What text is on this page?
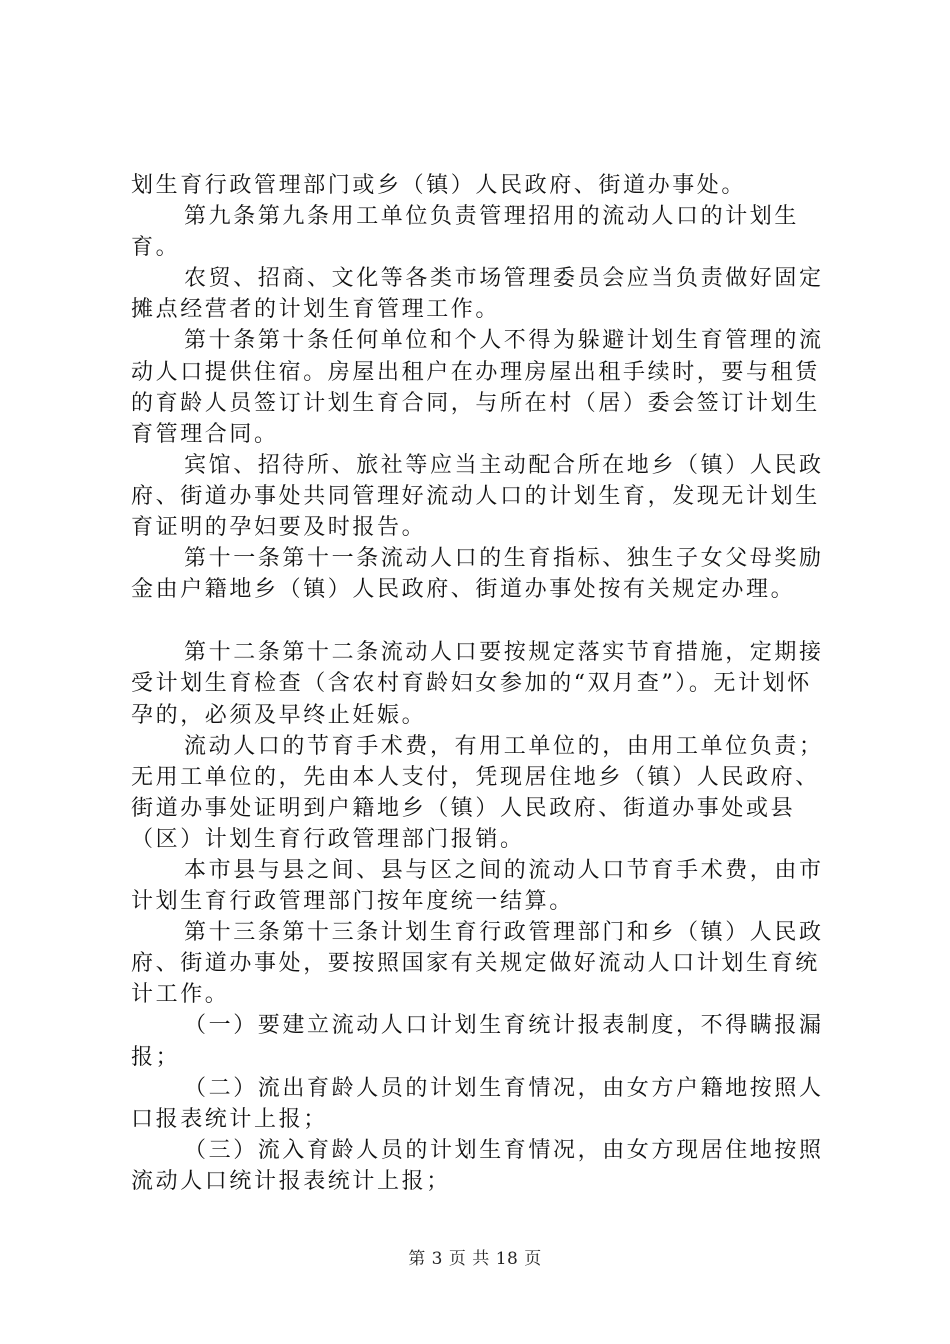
划生育行政管理部门或乡（镇）人民政府、街道办事处。

第九条第九条用工单位负责管理招用的流动人口的计划生育。

农贸、招商、文化等各类市场管理委员会应当负责做好固定摊点经营者的计划生育管理工作。

第十条第十条任何单位和个人不得为躲避计划生育管理的流动人口提供住宿。房屋出租户在办理房屋出租手续时，要与租赁的育龄人员签订计划生育合同，与所在村（居）委会签订计划生育管理合同。

宾馆、招待所、旅社等应当主动配合所在地乡（镇）人民政府、街道办事处共同管理好流动人口的计划生育，发现无计划生育证明的孕妇要及时报告。

第十一条第十一条流动人口的生育指标、独生子女父母奖励金由户籍地乡（镇）人民政府、街道办事处按有关规定办理。

第十二条第十二条流动人口要按规定落实节育措施，定期接受计划生育检查（含农村育龄妇女参加的“双月查”）。无计划怀孕的，必须及早终止妊娠。

流动人口的节育手术费，有用工单位的，由用工单位负责；无用工单位的，先由本人支付，凭现居住地乡（镇）人民政府、街道办事处证明到户籍地乡（镇）人民政府、街道办事处或县（区）计划生育行政管理部门报销。

本市县与县之间、县与区之间的流动人口节育手术费，由市计划生育行政管理部门按年度统一结算。

第十三条第十三条计划生育行政管理部门和乡（镇）人民政府、街道办事处，要按照国家有关规定做好流动人口计划生育统计工作。

（一）要建立流动人口计划生育统计报表制度，不得瞒报漏报；

（二）流出育龄人员的计划生育情况，由女方户籍地按照人口报表统计上报；

（三）流入育龄人员的计划生育情况，由女方现居住地按照流动人口统计报表统计上报；

第 3 页 共 18 页
